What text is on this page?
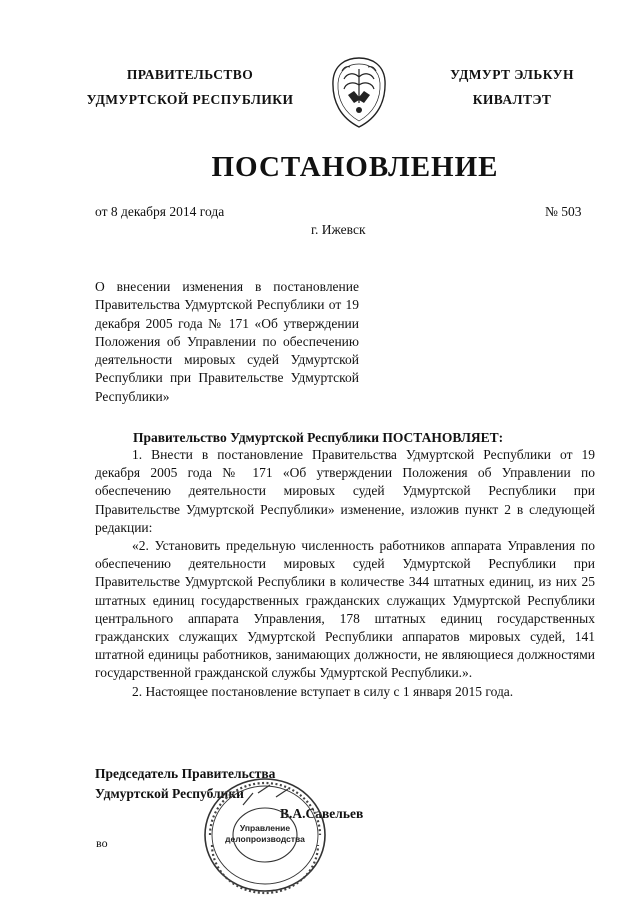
ПРАВИТЕЛЬСТВО
УДМУРТСКОЙ РЕСПУБЛИКИ
УДМУРТ ЭЛЬКУН
КИВАЛТЭТ
ПОСТАНОВЛЕНИЕ
от 8 декабря 2014 года	№ 503
г. Ижевск
О внесении изменения в постановление Правительства Удмуртской Республики от 19 декабря 2005 года № 171 «Об утверждении Положения об Управлении по обеспечению деятельности мировых судей Удмуртской Республики при Правительстве Удмуртской Республики»
Правительство Удмуртской Республики ПОСТАНОВЛЯЕТ:

1. Внести в постановление Правительства Удмуртской Республики от 19 декабря 2005 года № 171 «Об утверждении Положения об Управлении по обеспечению деятельности мировых судей Удмуртской Республики при Правительстве Удмуртской Республики» изменение, изложив пункт 2 в следующей редакции:

«2. Установить предельную численность работников аппарата Управления по обеспечению деятельности мировых судей Удмуртской Республики при Правительстве Удмуртской Республики в количестве 344 штатных единиц, из них 25 штатных единиц государственных гражданских служащих Удмуртской Республики центрального аппарата Управления, 178 штатных единиц государственных гражданских служащих Удмуртской Республики аппаратов мировых судей, 141 штатной единицы работников, занимающих должности, не являющиеся должностями государственной гражданской службы Удмуртской Республики.».

2. Настоящее постановление вступает в силу с 1 января 2015 года.

Председатель Правительства
Удмуртской Республики
В.А.Савельев
Управление
делопроизводства
во
